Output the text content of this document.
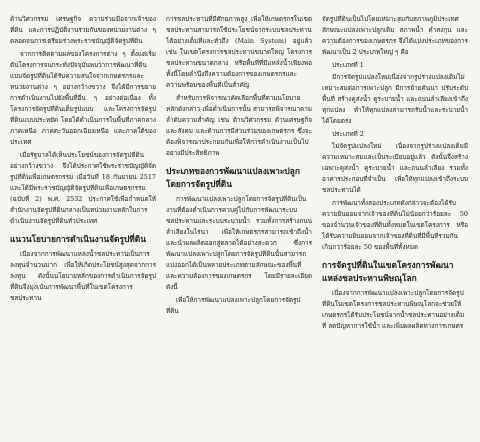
ด้านวิศวกรรม เศรษฐกิจ ความร่วมมือจากเจ้าของที่ดิน และการปฏิบัติงานร่วมกันของหน่วยงานต่าง ๆ ตลอดจนการเตรียมร่างพระราชบัญญัติจัดรูปที่ดิน

จากการติดตามผลของโครงการต่าง ๆ ตั้งแต่เริ่มต้นโครงการจนกระทั่งปัจจุบันพบว่าการพัฒนาที่ดินแบบจัดรูปที่ดินได้รับความสนใจจากเกษตรกรและหน่วยงานต่าง ๆ อย่างกว้างขวาง จึงได้มีการขยายการดำเนินงานไปยังพื้นที่อื่น ๆ อย่างต่อเนื่อง ทั้งโครงการจัดรูปที่ดินเต็มรูปแบบ และโครงการจัดรูปที่ดินแบบประหยัด โดยได้ดำเนินการในพื้นที่ภาคกลาง ภาคเหนือ ภาคตะวันออกเฉียงเหนือ และภาคใต้ของประเทศ

เมื่อรัฐบาลได้เห็นประโยชน์ของการจัดรูปที่ดินอย่างกว้างขวาง จึงได้ประกาศใช้พระราชบัญญัติจัดรูปที่ดินเพื่อเกษตรกรรม เมื่อวันที่ 18 กันยายน 2517 และได้มีพระราชบัญญัติจัดรูปที่ดินเพื่อเกษตรกรรม (ฉบับที่ 2) พ.ศ. 2532 ประกาศใช้เพื่อกำหนดให้สำนักงานจัดรูปที่ดินกลางเป็นหน่วยงานหลักในการดำเนินงานจัดรูปที่ดินทั่วประเทศ

แนวนโยบายการดำเนินงานจัดรูปที่ดิน

เนื่องจากการพัฒนาแหล่งน้ำชลประทานเป็นการลงทุนจำนวนมาก เพื่อให้เกิดประโยชน์สูงสุดจากการลงทุน ดังนั้นนโยบายหลักของการดำเนินการจัดรูปที่ดินจึงมุ่งเน้นการพัฒนาพื้นที่ในเขตโครงการชลประทาน

การชลประทานที่มีศักยภาพสูง เพื่อให้เกษตรกรในเขตชลประทานสามารถใช้ประโยชน์จากระบบชลประทานได้อย่างเต็มที่และทั่วถึง (Main System) อยู่แล้ว เช่น ในเขตโครงการชลประทานขนาดใหญ่ โครงการชลประทานขนาดกลาง หรือพื้นที่ที่มีแหล่งน้ำเพียงพอ ทั้งนี้โดยคำนึงถึงความต้องการของเกษตรกรและความพร้อมของพื้นที่เป็นสำคัญ

สำหรับการพิจารณาคัดเลือกพื้นที่ตามนโยบายหลักดังกล่าว เพื่อดำเนินการนั้น สามารถพิจารณาตามลำดับความสำคัญ เช่น ด้านวิศวกรรม ด้านเศรษฐกิจและสังคม และด้านการมีส่วนร่วมของเกษตรกร ซึ่งจะต้องพิจารณาประกอบกันเพื่อให้การดำเนินงานเป็นไปอย่างมีประสิทธิภาพ

ประเภทของการพัฒนาแปลงเพาะปลูกโดยการจัดรูปที่ดิน

การพัฒนาแปลงเพาะปลูกโดยการจัดรูปที่ดินเป็นงานที่ต้องดำเนินการควบคู่ไปกับการพัฒนาระบบชลประทานและระบบระบายน้ำ รวมทั้งการสร้างถนนลำเลียงในไร่นา เพื่อให้เกษตรกรสามารถเข้าถึงน้ำและนำผลผลิตออกสู่ตลาดได้อย่างสะดวก ซึ่งการพัฒนาแปลงเพาะปลูกโดยการจัดรูปที่ดินนั้นสามารถแบ่งออกได้เป็นหลายประเภทตามลักษณะของพื้นที่และความต้องการของเกษตรกร โดยมีรายละเอียดดังนี้

เพื่อให้การพัฒนาแปลงเพาะปลูกโดยการจัดรูปที่ดิน

จัดรูปที่ดินเป็นไปโดยเหมาะสมกับสภาพภูมิประเทศ ลักษณะแปลงเพาะปลูกเดิม สภาพน้ำ คำสงกุน และความต้องการของเกษตรกร จึงได้แบ่งประเภทของการพัฒนาเป็น 2 ประเภทใหญ่ ๆ คือ

ประเภทที่ 1

มีการจัดรูปแปลงใหม่เนื่องจากรูปร่างแปลงเดิมไม่เหมาะสมต่อการเพาะปลูก มีการย้ายคันนา ปรับระดับพื้นที่ สร้างคูส่งน้ำ คูระบายน้ำ และถนนลำเลียงเข้าถึงทุกแปลง ทำให้ทุกแปลงสามารถรับน้ำและระบายน้ำได้โดยตรง

ประเภทที่ 2

ไม่จัดรูปแปลงใหม่ เนื่องจากรูปร่างแปลงเดิมมีความเหมาะสมและเป็นระเบียบอยู่แล้ว ดังนั้นจึงสร้างเฉพาะคูส่งน้ำ คูระบายน้ำ และถนนลำเลียง รวมทั้งอาคารประกอบที่จำเป็น เพื่อให้ทุกแปลงเข้าถึงระบบชลประทานได้

การพัฒนาทั้งสองประเภทดังกล่าวจะต้องได้รับความยินยอมจากเจ้าของที่ดินไม่น้อยกว่าร้อยละ 50 ของจำนวนเจ้าของที่ดินทั้งหมดในเขตโครงการ หรือได้รับความยินยอมจากเจ้าของที่ดินที่มีพื้นที่รวมกันเกินกว่าร้อยละ 50 ของพื้นที่ทั้งหมด

การจัดรูปที่ดินในเขตโครงการพัฒนาแหล่งชลประทานพิษณุโลก

เนื่องจากการพัฒนาแปลงเพาะปลูกโดยการจัดรูปที่ดินในเขตโครงการชลประทานพิษณุโลกจะช่วยให้เกษตรกรได้รับประโยชน์จากน้ำชลประทานอย่างเต็มที่ ลดปัญหาการใช้น้ำ และเพิ่มผลผลิตทางการเกษตร
